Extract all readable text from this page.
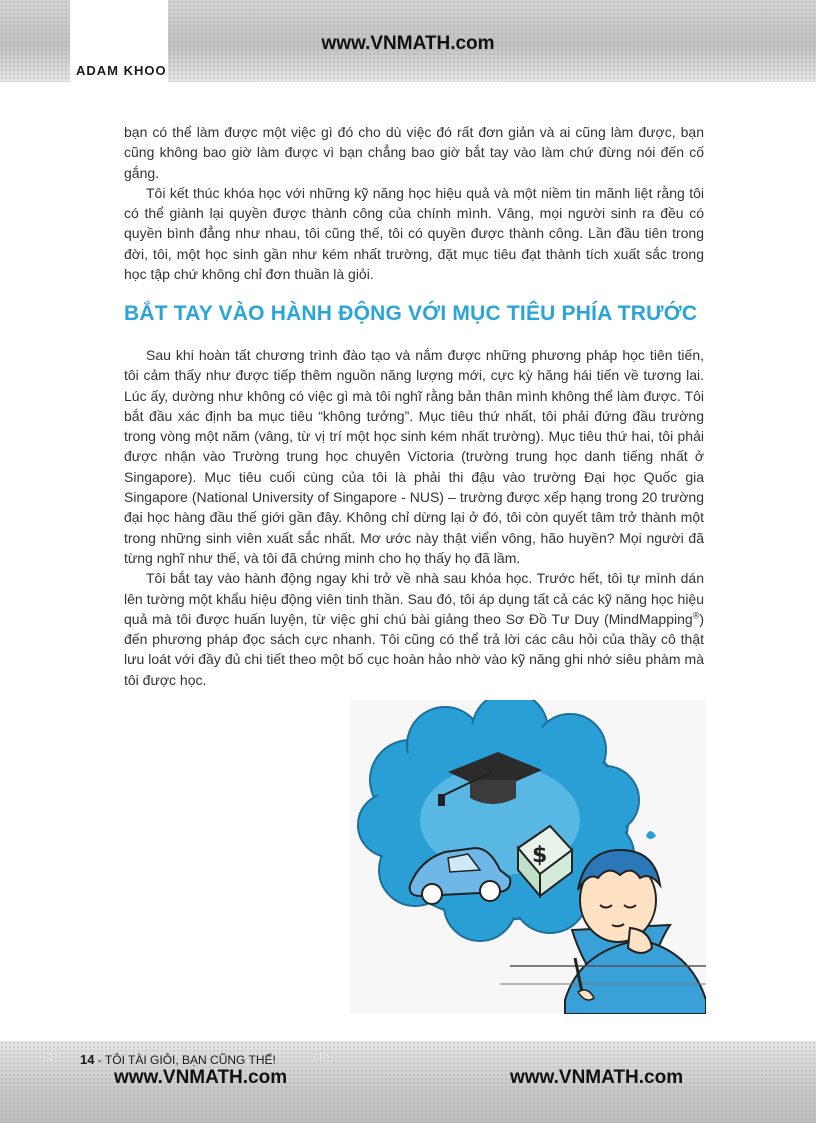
www.VNMATH.com
ADAM KHOO

bạn có thể làm được một việc gì đó cho dù việc đó rất đơn giản và ai cũng làm được, bạn cũng không bao giờ làm được vì bạn chẳng bao giờ bắt tay vào làm chứ đừng nói đến cố gắng.

Tôi kết thúc khóa học với những kỹ năng học hiệu quả và một niềm tin mãnh liệt rằng tôi có thể giành lại quyền được thành công của chính mình. Vâng, mọi người sinh ra đều có quyền bình đẳng như nhau, tôi cũng thế, tôi có quyền được thành công. Lần đầu tiên trong đời, tôi, một học sinh gần như kém nhất trường, đặt mục tiêu đạt thành tích xuất sắc trong học tập chứ không chỉ đơn thuần là giỏi.

BẮT TAY VÀO HÀNH ĐỘNG VỚI MỤC TIÊU PHÍA TRƯỚC

Sau khi hoàn tất chương trình đào tạo và nắm được những phương pháp học tiên tiến, tôi cảm thấy như được tiếp thêm nguồn năng lượng mới, cực kỳ hăng hái tiến về tương lai. Lúc ấy, dường như không có việc gì mà tôi nghĩ rằng bản thân mình không thể làm được. Tôi bắt đầu xác định ba mục tiêu “không tưởng”. Mục tiêu thứ nhất, tôi phải đứng đầu trường trong vòng một năm (vâng, từ vị trí một học sinh kém nhất trường). Mục tiêu thứ hai, tôi phải được nhận vào Trường trung học chuyên Victoria (trường trung học danh tiếng nhất ở Singapore). Mục tiêu cuối cùng của tôi là phải thi đậu vào trường Đại học Quốc gia Singapore (National University of Singapore - NUS) – trường được xếp hạng trong 20 trường đại học hàng đầu thế giới gần đây. Không chỉ dừng lại ở đó, tôi còn quyết tâm trở thành một trong những sinh viên xuất sắc nhất. Mơ ước này thật viển vông, hão huyền? Mọi người đã từng nghĩ như thế, và tôi đã chứng minh cho họ thấy họ đã lầm.

Tôi bắt tay vào hành động ngay khi trở về nhà sau khóa học. Trước hết, tôi tự mình dán lên tường một khẩu hiệu động viên tinh thần. Sau đó, tôi áp dụng tất cả các kỹ năng học hiệu quả mà tôi được huấn luyện, từ việc ghi chú bài giảng theo Sơ Đồ Tư Duy (MindMapping®) đến phương pháp đọc sách cực nhanh. Tôi cũng có thể trả lời các câu hỏi của thầy cô thật lưu loát với đầy đủ chi tiết theo một bố cục hoàn hảo nhờ vào kỹ năng ghi nhớ siêu phàm mà tôi được học.

$
▷▷ 14 - TÔI TÀI GIỎI, BẠN CŨNG THẾ!	▷▷
www.VNMATH.com	www.VNMATH.com
